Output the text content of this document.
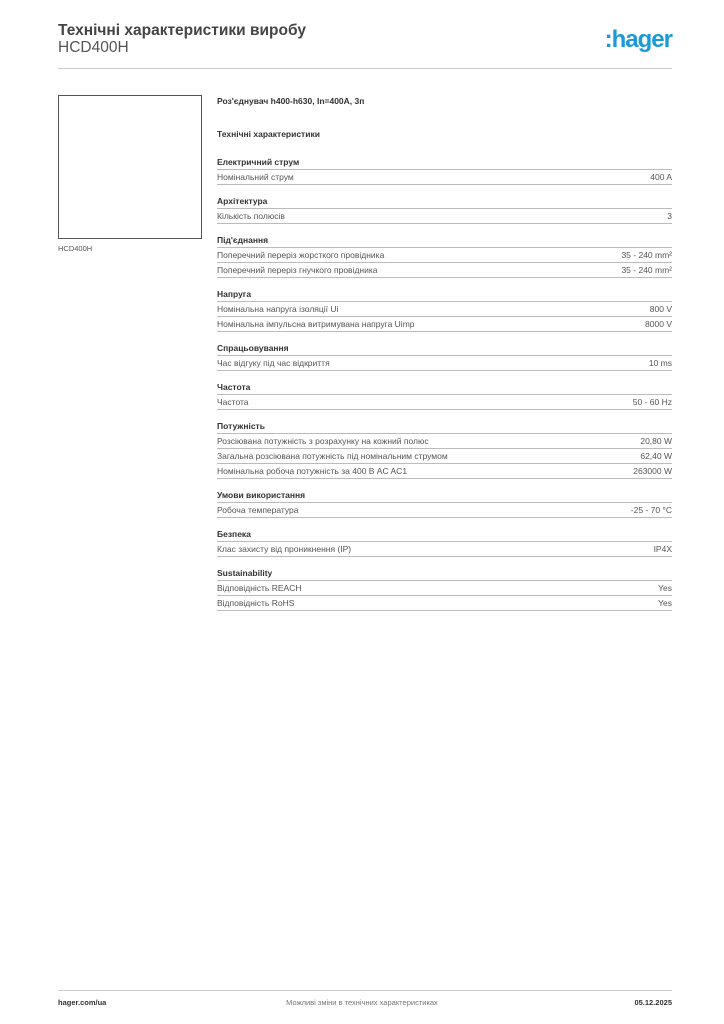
Технічні характеристики виробу
HCD400H	:hager
HCD400H
Роз'єднувач h400-h630, In=400A, 3п
Технічні характеристики
Електричний струм
Номінальний струм	400 A
Архітектура
Кількість полюсів	3
Під'єднання
Поперечний переріз жорсткого провідника	35 - 240 mm²
Поперечний переріз гнучкого провідника	35 - 240 mm²
Напруга
Номінальна напруга ізоляції Ui	800 V
Номінальна імпульсна витримувана напруга Uimp	8000 V
Спрацьовування
Час відгуку під час відкриття	10 ms
Частота
Частота	50 - 60 Hz
Потужність
Розсіювана потужність з розрахунку на кожний полюс	20,80 W
Загальна розсіювана потужність під номінальним струмом	62,40 W
Номінальна робоча потужність за 400 В AC AC1	263000 W
Умови використання
Робоча температура	-25 - 70 °C
Безпека
Клас захисту від проникнення (IP)	IP4X
Sustainability
Відповідність REACH	Yes
Відповідність RoHS	Yes
hager.com/ua	Можливі зміни в технічних характеристиках	05.12.2025
